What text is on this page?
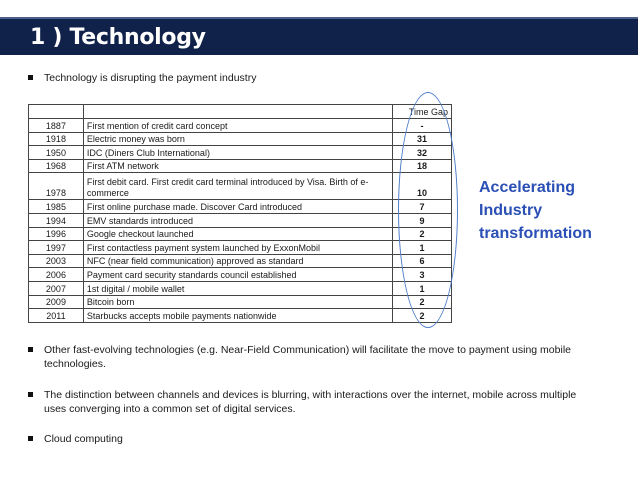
1 ) Technology
Technology is disrupting the payment industry
		Time Gap
1887	First mention of credit card concept	-
1918	Electric money was born	31
1950	IDC (Diners Club International)	32
1968	First ATM network	18
1978	First debit card. First credit card terminal introduced by Visa. Birth of e-commerce	10
1985	First online purchase made. Discover Card introduced	7
1994	EMV standards introduced	9
1996	Google checkout launched	2
1997	First contactless payment system launched by ExxonMobil	1
2003	NFC (near field communication) approved as standard	6
2006	Payment card security standards council established	3
2007	1st digital / mobile wallet	1
2009	Bitcoin born	2
2011	Starbucks accepts mobile payments nationwide	2
Accelerating
Industry
transformation
Other fast-evolving technologies (e.g. Near-Field Communication) will facilitate the move to payment using mobile technologies.
The distinction between channels and devices is blurring, with interactions over the internet, mobile across multiple uses converging into a common set of digital services.
Cloud computing
